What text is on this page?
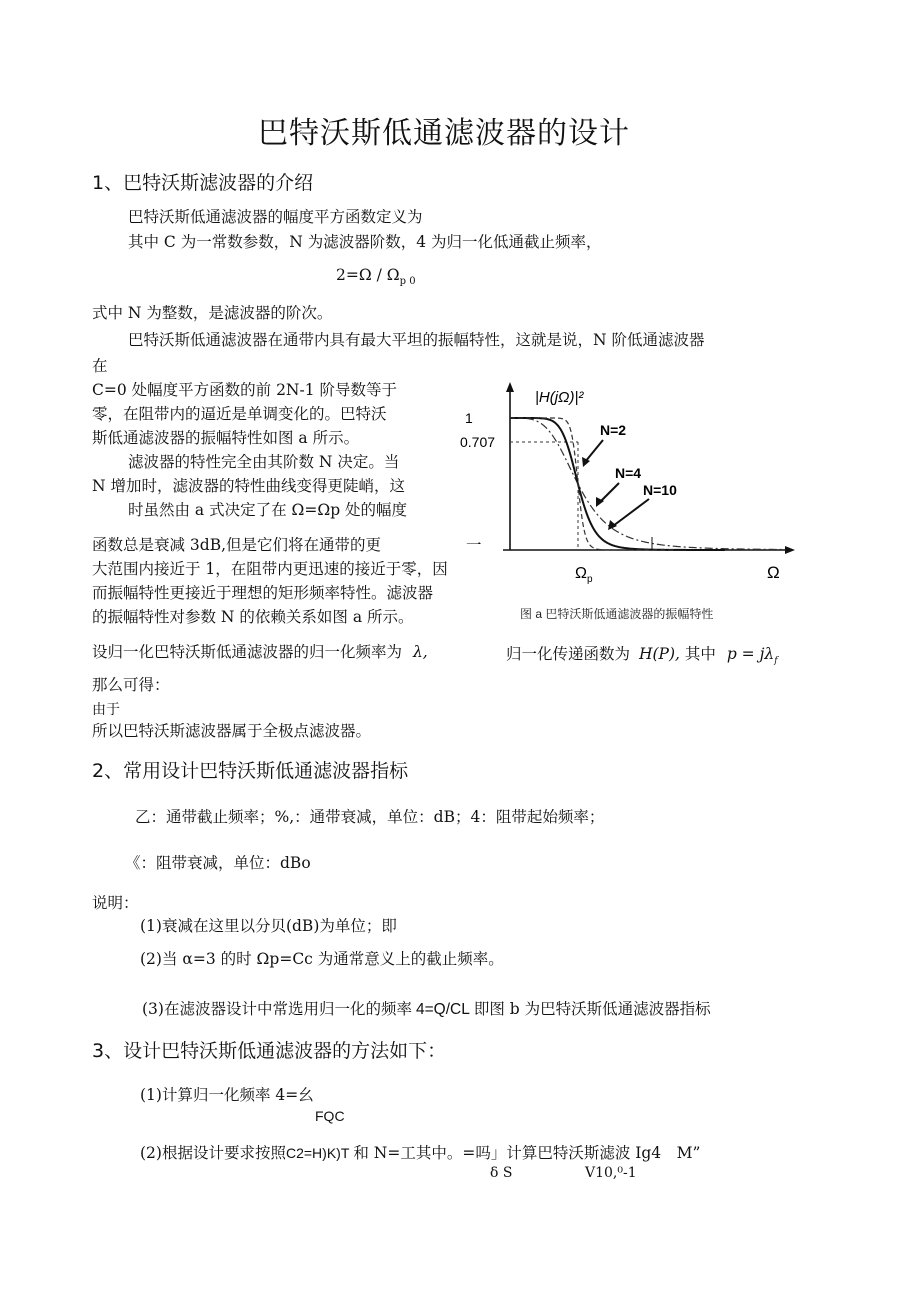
巴特沃斯低通滤波器的设计
1、巴特沃斯滤波器的介绍
巴特沃斯低通滤波器的幅度平方函数定义为
其中 C 为一常数参数，N 为滤波器阶数，4 为归一化低通截止频率，
$2=\Omega / \Omega_{p 0}$
式中 N 为整数，是滤波器的阶次。
巴特沃斯低通滤波器在通带内具有最大平坦的振幅特性，这就是说，N 阶低通滤波器
在
C=0 处幅度平方函数的前 2N-1 阶导数等于
零，在阻带内的逼近是单调变化的。巴特沃
斯低通滤波器的振幅特性如图 a 所示。
滤波器的特性完全由其阶数 N 决定。当
N 增加时，滤波器的特性曲线变得更陡峭，这
时虽然由 a 式决定了在 Ω=Ωp 处的幅度
函数总是衰减 3dB,但是它们将在通带的更	一
大范围内接近于 1，在阻带内更迅速的接近于零，因
而振幅特性更接近于理想的矩形频率特性。滤波器
的振幅特性对参数 N 的依赖关系如图 a 所示。
|H(jΩ)|²
1
0.707
N=2
N=4
N=10
$\Omega_p$	Ω
图 a 巴特沃斯低通滤波器的振幅特性
设归一化巴特沃斯低通滤波器的归一化频率为 λ,	归一化传递函数为 H(P), 其中 $p = j\lambda_f$
那么可得：
由于
所以巴特沃斯滤波器属于全极点滤波器。
2、常用设计巴特沃斯低通滤波器指标
乙：通带截止频率；%,：通带衰减，单位：dB；4：阻带起始频率；
《：阻带衰减，单位：dBo
说明：
(1)衰减在这里以分贝(dB)为单位；即
(2)当 α=3 的时 Ωp=Cc 为通常意义上的截止频率。
(3)在滤波器设计中常选用归一化的频率 4=Q/CL 即图 b 为巴特沃斯低通滤波器指标
3、设计巴特沃斯低通滤波器的方法如下：
(1)计算归一化频率 4=幺
FQC
(2)根据设计要求按照C2=H)K)T 和 N=工其中。=吗」计算巴特沃斯滤波 Ig4　M”
δ S	V10,⁰-1
